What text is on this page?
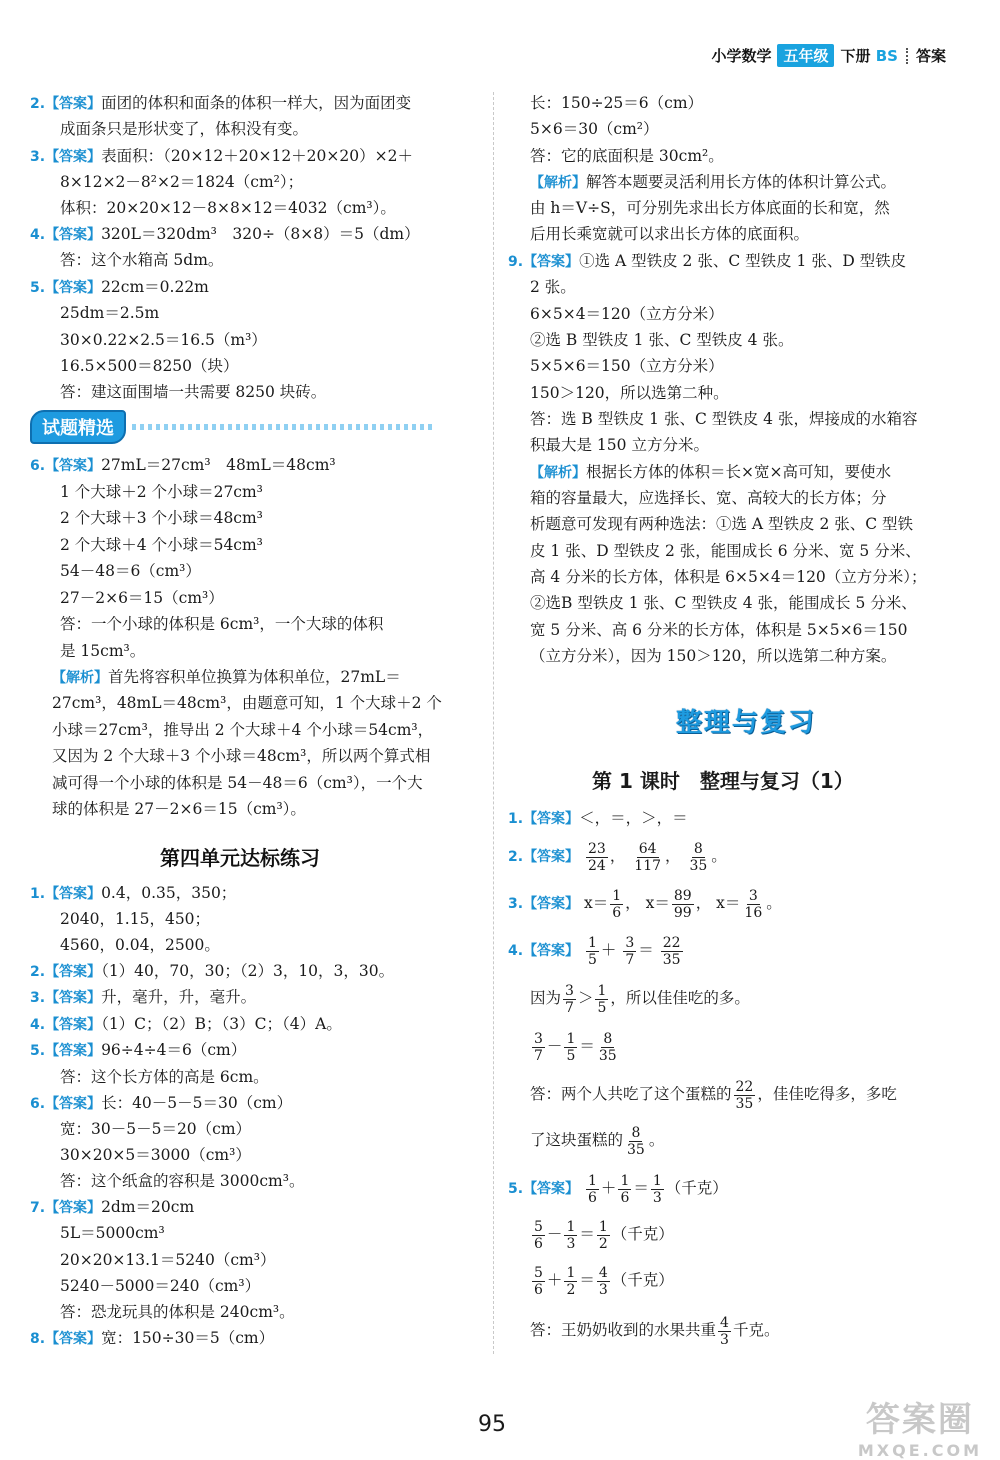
小学数学 五年级 下册 BS 答案
2.【答案】面团的体积和面条的体积一样大，因为面团变
成面条只是形状变了，体积没有变。
3.【答案】表面积：（20×12＋20×12＋20×20）×2＋
8×12×2－8²×2＝1824（cm²）；
体积：20×20×12－8×8×12＝4032（cm³）。
4.【答案】320L＝320dm³　320÷（8×8）＝5（dm）
答：这个水箱高 5dm。
5.【答案】22cm＝0.22m
25dm＝2.5m
30×0.22×2.5＝16.5（m³）
16.5×500＝8250（块）
答：建这面围墙一共需要 8250 块砖。
6.【答案】27mL＝27cm³　48mL＝48cm³
1 个大球＋2 个小球＝27cm³
2 个大球＋3 个小球＝48cm³
2 个大球＋4 个小球＝54cm³
54－48＝6（cm³）
27－2×6＝15（cm³）
答：一个小球的体积是 6cm³，一个大球的体积
是 15cm³。
【解析】首先将容积单位换算为体积单位，27mL＝
27cm³，48mL＝48cm³，由题意可知，1 个大球＋2 个
小球＝27cm³，推导出 2 个大球＋4 个小球＝54cm³，
又因为 2 个大球＋3 个小球＝48cm³，所以两个算式相
减可得一个小球的体积是 54－48＝6（cm³），一个大
球的体积是 27－2×6＝15（cm³）。
1.【答案】0.4，0.35，350；
2040，1.15，450；
4560，0.04，2500。
2.【答案】（1）40，70，30；（2）3，10，3，30。
3.【答案】升，毫升，升，毫升。
4.【答案】（1）C；（2）B；（3）C；（4）A。
5.【答案】96÷4÷4＝6（cm）
答：这个长方体的高是 6cm。
6.【答案】长：40－5－5＝30（cm）
宽：30－5－5＝20（cm）
30×20×5＝3000（cm³）
答：这个纸盒的容积是 3000cm³。
7.【答案】2dm＝20cm
5L＝5000cm³
20×20×13.1＝5240（cm³）
5240－5000＝240（cm³）
答：恐龙玩具的体积是 240cm³。
8.【答案】宽：150÷30＝5（cm）
试题精选
第四单元达标练习
长：150÷25＝6（cm）
5×6＝30（cm²）
答：它的底面积是 30cm²。
【解析】解答本题要灵活利用长方体的体积计算公式。
由 h＝V÷S，可分别先求出长方体底面的长和宽，然
后用长乘宽就可以求出长方体的底面积。
9.【答案】①选 A 型铁皮 2 张、C 型铁皮 1 张、D 型铁皮
2 张。
6×5×4＝120（立方分米）
②选 B 型铁皮 1 张、C 型铁皮 4 张。
5×5×6＝150（立方分米）
150＞120，所以选第二种。
答：选 B 型铁皮 1 张、C 型铁皮 4 张，焊接成的水箱容
积最大是 150 立方分米。
【解析】根据长方体的体积＝长×宽×高可知，要使水
箱的容量最大，应选择长、宽、高较大的长方体；分
析题意可发现有两种选法：①选 A 型铁皮 2 张、C 型铁
皮 1 张、D 型铁皮 2 张，能围成长 6 分米、宽 5 分米、
高 4 分米的长方体，体积是 6×5×4＝120（立方分米）；
②选B 型铁皮 1 张、C 型铁皮 4 张，能围成长 5 分米、
宽 5 分米、高 6 分米的长方体，体积是 5×5×6＝150
（立方分米），因为 150＞120，所以选第二种方案。
1.【答案】＜，＝，＞，＝
2.【答案】 $\frac{23}{24}$ ， $\frac{64}{117}$ ， $\frac{8}{35}$ 。
3.【答案】 $x= \frac{1}{6}$ ， $x= \frac{89}{99}$ ， $x= \frac{3}{16}$ 。
4.【答案】 $\frac{1}{5} + \frac{3}{7} = \frac{22}{35}$
因为 $\frac{3}{7} > \frac{1}{5}$ ，所以佳佳吃的多。
$\frac{3}{7} - \frac{1}{5} = \frac{8}{35}$
答：两个人共吃了这个蛋糕的 $\frac{22}{35}$ ，佳佳吃得多，多吃
了这块蛋糕的 $\frac{8}{35}$ 。
5.【答案】 $\frac{1}{6} + \frac{1}{6} = \frac{1}{3}$ （千克）
$\frac{5}{6} - \frac{1}{3} = \frac{1}{2}$ （千克）
$\frac{5}{6} + \frac{1}{2} = \frac{4}{3}$ （千克）
答：王奶奶收到的水果共重 $\frac{4}{3}$ 千克。
整理与复习
第 1 课时　整理与复习（1）
95	答案圈
MXQE.COM
